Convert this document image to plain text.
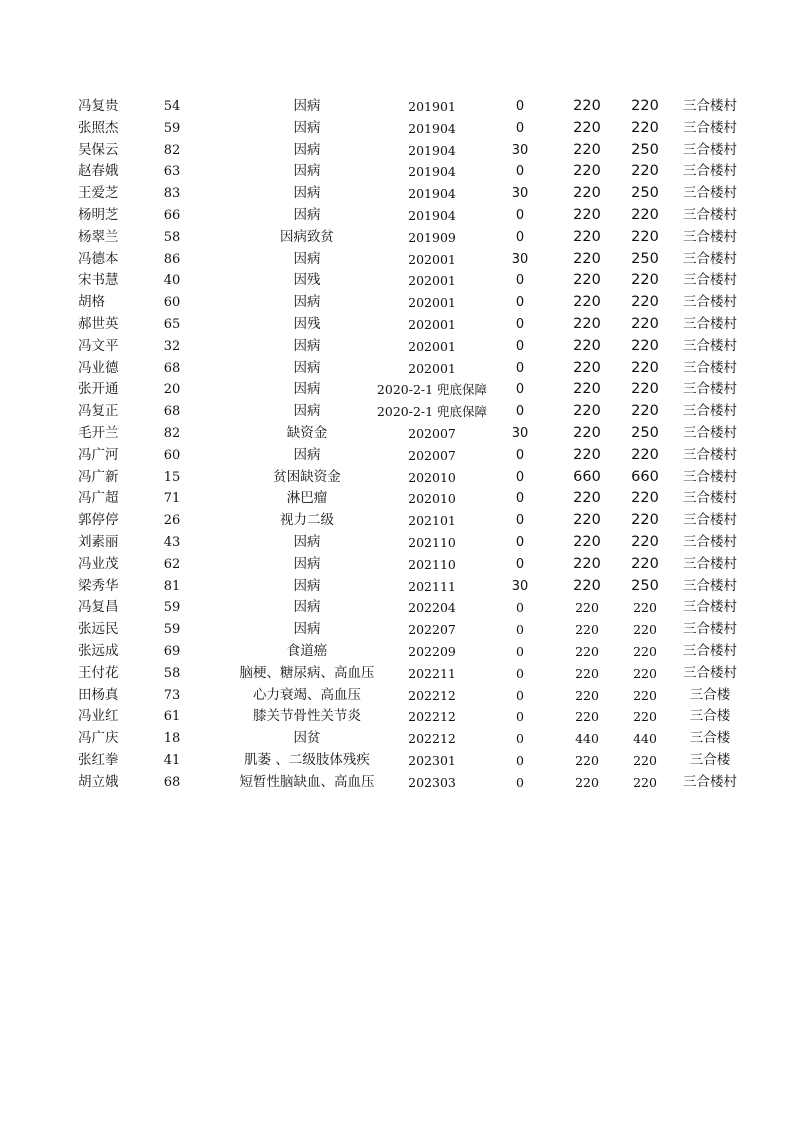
冯复贵	54	因病	201901	0	220	220	三合楼村
张照杰	59	因病	201904	0	220	220	三合楼村
吴保云	82	因病	201904	30	220	250	三合楼村
赵春娥	63	因病	201904	0	220	220	三合楼村
王爱芝	83	因病	201904	30	220	250	三合楼村
杨明芝	66	因病	201904	0	220	220	三合楼村
杨翠兰	58	因病致贫	201909	0	220	220	三合楼村
冯德本	86	因病	202001	30	220	250	三合楼村
宋书慧	40	因残	202001	0	220	220	三合楼村
胡格	60	因病	202001	0	220	220	三合楼村
郝世英	65	因残	202001	0	220	220	三合楼村
冯文平	32	因病	202001	0	220	220	三合楼村
冯业德	68	因病	202001	0	220	220	三合楼村
张开通	20	因病	2020-2-1 兜底保障	0	220	220	三合楼村
冯复正	68	因病	2020-2-1 兜底保障	0	220	220	三合楼村
毛开兰	82	缺资金	202007	30	220	250	三合楼村
冯广河	60	因病	202007	0	220	220	三合楼村
冯广新	15	贫困缺资金	202010	0	660	660	三合楼村
冯广超	71	淋巴瘤	202010	0	220	220	三合楼村
郭停停	26	视力二级	202101	0	220	220	三合楼村
刘素丽	43	因病	202110	0	220	220	三合楼村
冯业茂	62	因病	202110	0	220	220	三合楼村
梁秀华	81	因病	202111	30	220	250	三合楼村
冯复昌	59	因病	202204	0	220	220	三合楼村
张远民	59	因病	202207	0	220	220	三合楼村
张远成	69	食道癌	202209	0	220	220	三合楼村
王付花	58	脑梗、糖尿病、高血压	202211	0	220	220	三合楼村
田杨真	73	心力衰竭、高血压	202212	0	220	220	三合楼
冯业红	61	膝关节骨性关节炎	202212	0	220	220	三合楼
冯广庆	18	因贫	202212	0	440	440	三合楼
张红拳	41	肌萎 、二级肢体残疾	202301	0	220	220	三合楼
胡立娥	68	短暂性脑缺血、高血压	202303	0	220	220	三合楼村
